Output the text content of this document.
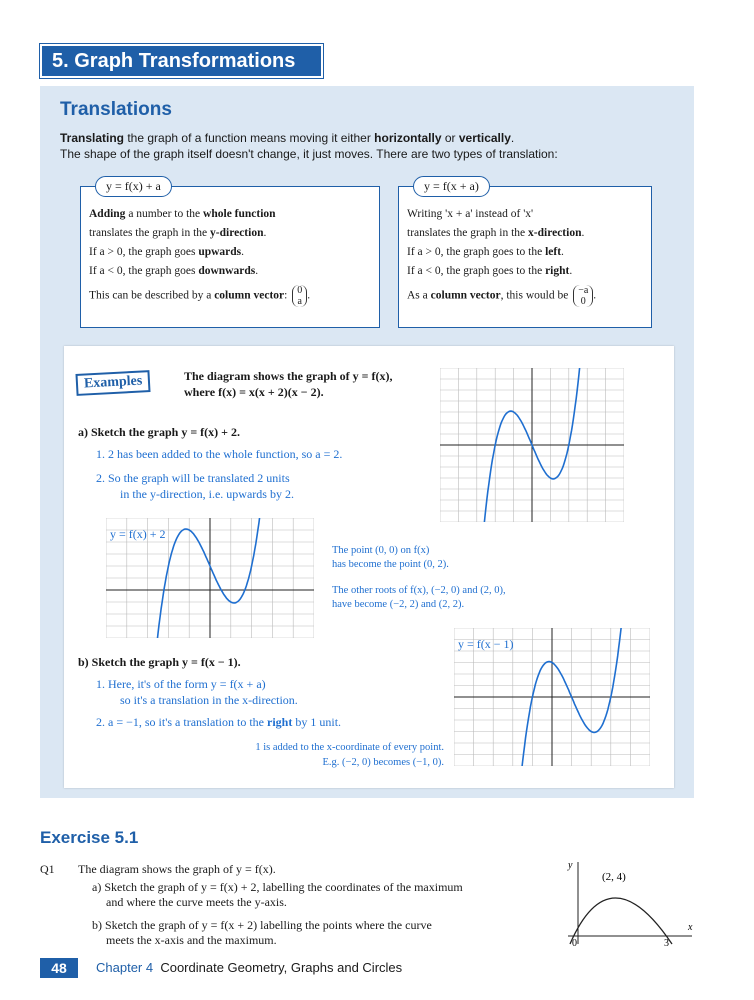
5. Graph Transformations
Translations
Translating the graph of a function means moving it either horizontally or vertically.
The shape of the graph itself doesn't change, it just moves. There are two types of translation:
y = f(x) + a
Adding a number to the whole function
translates the graph in the y-direction.
If a > 0, the graph goes upwards.
If a < 0, the graph goes downwards.
This can be described by a column vector: 0
a .
y = f(x + a)
Writing 'x + a' instead of 'x'
translates the graph in the x-direction.
If a > 0, the graph goes to the left.
If a < 0, the graph goes to the right.
As a column vector, this would be −a
0 .
Examples	The diagram shows the graph of y = f(x),
where f(x) = x(x + 2)(x − 2).
a) Sketch the graph y = f(x) + 2.
1. 2 has been added to the whole function, so a = 2.
2. So the graph will be translated 2 units
in the y-direction, i.e. upwards by 2.
The point (0, 0) on f(x)
has become the point (0, 2).
The other roots of f(x), (−2, 0) and (2, 0),
have become (−2, 2) and (2, 2).
b) Sketch the graph y = f(x − 1).
1. Here, it's of the form y = f(x + a)
so it's a translation in the x-direction.
2. a = −1, so it's a translation to the right by 1 unit.
1 is added to the x-coordinate of every point.
E.g. (−2, 0) becomes (−1, 0).
y = f(x) + 2
y = f(x − 1)
Exercise 5.1
Q1 The diagram shows the graph of y = f(x).
a) Sketch the graph of y = f(x) + 2, labelling the coordinates of the maximum
and where the curve meets the y-axis.
b) Sketch the graph of y = f(x + 2) labelling the points where the curve
meets the x-axis and the maximum.
y
x
(2, 4)
3
0
48	Chapter 4 Coordinate Geometry, Graphs and Circles
